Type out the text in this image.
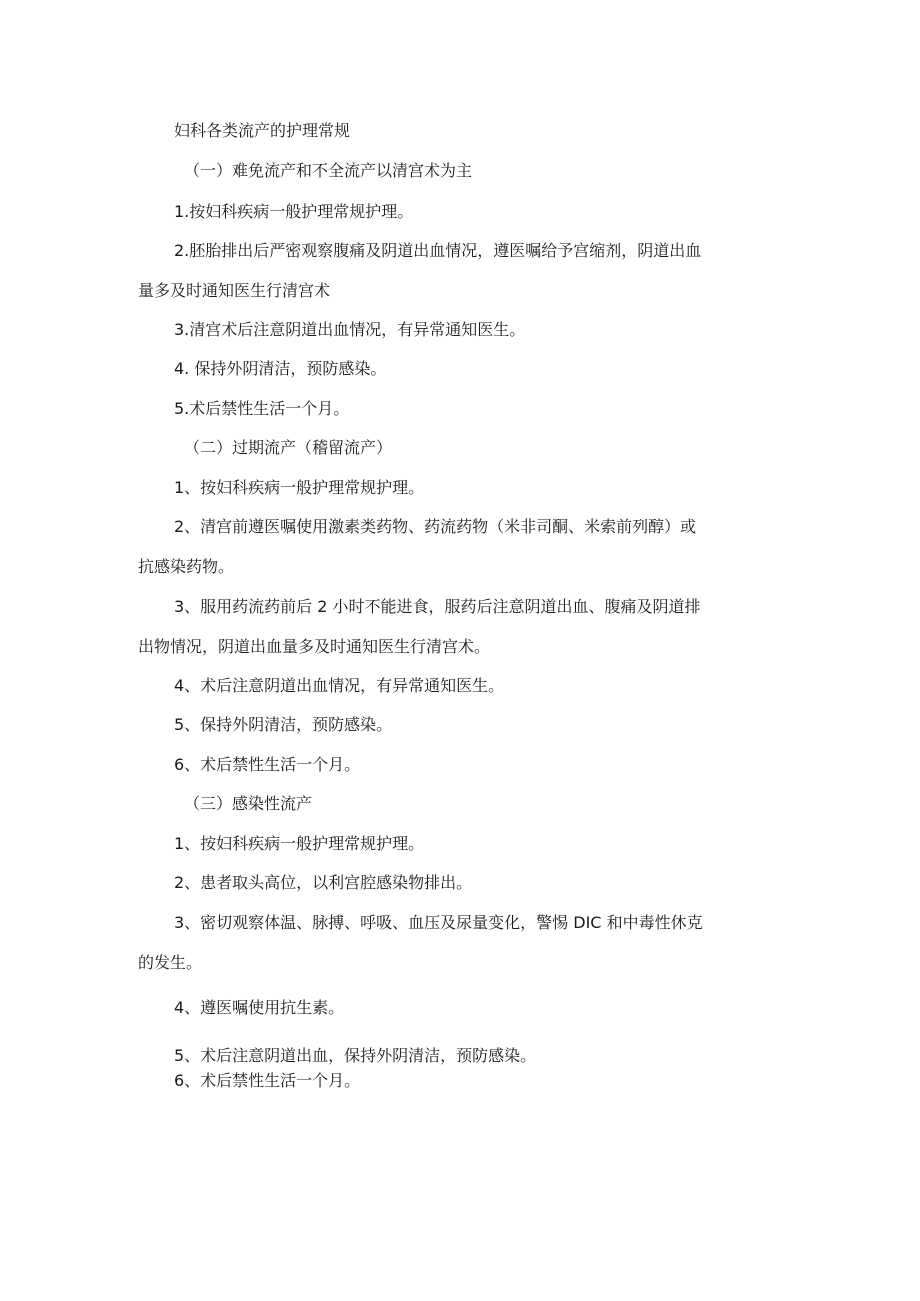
妇科各类流产的护理常规
（一）难免流产和不全流产以清宫术为主
1.按妇科疾病一般护理常规护理。
2.胚胎排出后严密观察腹痛及阴道出血情况，遵医嘱给予宫缩剂，阴道出血
量多及时通知医生行清宫术
3.清宫术后注意阴道出血情况，有异常通知医生。
4. 保持外阴清洁，预防感染。
5.术后禁性生活一个月。
（二）过期流产（稽留流产）
1、按妇科疾病一般护理常规护理。
2、清宫前遵医嘱使用激素类药物、药流药物（米非司酮、米索前列醇）或
抗感染药物。
3、服用药流药前后 2 小时不能进食，服药后注意阴道出血、腹痛及阴道排
出物情况，阴道出血量多及时通知医生行清宫术。
4、术后注意阴道出血情况，有异常通知医生。
5、保持外阴清洁，预防感染。
6、术后禁性生活一个月。
（三）感染性流产
1、按妇科疾病一般护理常规护理。
2、患者取头高位，以利宫腔感染物排出。
3、密切观察体温、脉搏、呼吸、血压及尿量变化，警惕 DIC 和中毒性休克
的发生。
4、遵医嘱使用抗生素。
5、术后注意阴道出血，保持外阴清洁，预防感染。
6、术后禁性生活一个月。
